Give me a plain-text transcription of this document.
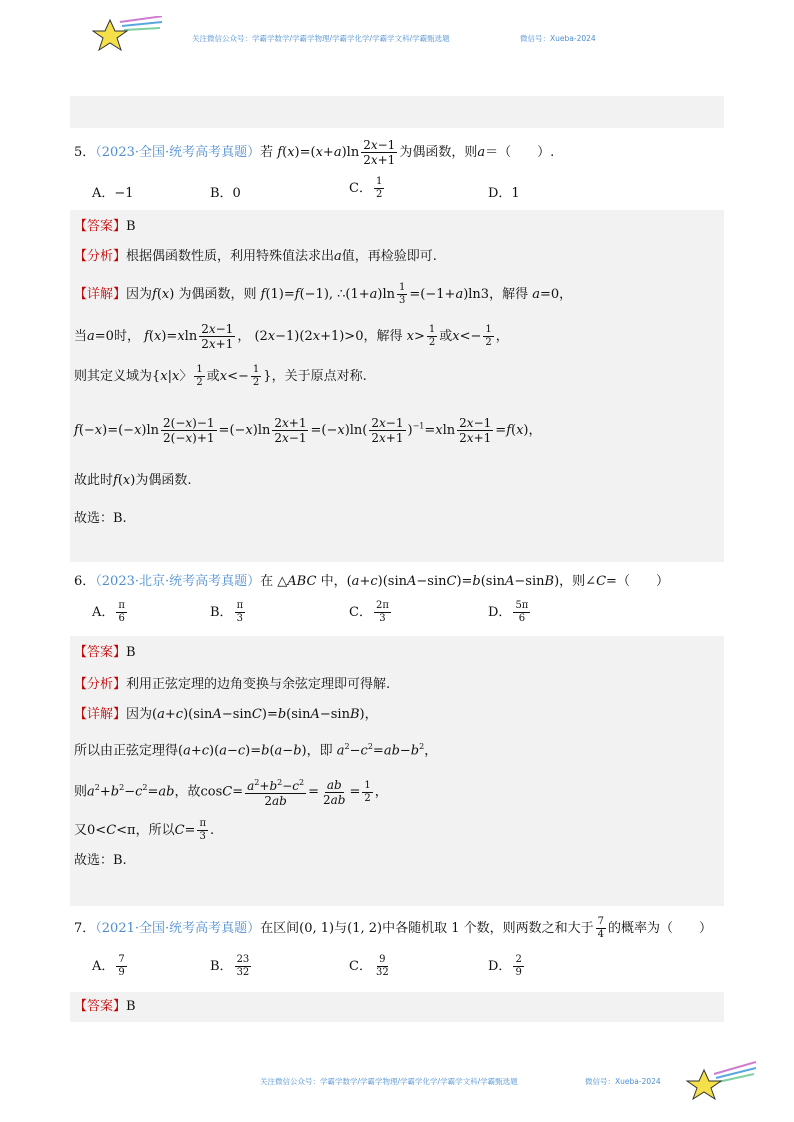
关注微信公众号：学霸学数学/学霸学物理/学霸学化学/学霸学文科/学霸甄选题	微信号：Xueba-2024
5．（2023·全国·统考高考真题）若 $f(x)=(x+a)\ln \frac{2x-1}{2x+1}$ 为偶函数，则a＝（　　）.
A．−1	B．0	C． $\frac{1}{2}$	D．1
【答案】B
【分析】根据偶函数性质，利用特殊值法求出a值，再检验即可.
【详解】因为f(x) 为偶函数，则 f(1)=f(−1), ∴(1+a)ln $\frac{1}{3} =(-1+a)\ln 3$，解得 a=0，
当a=0时， $f(x)=xln \frac{2x-1}{2x+1}$ ， (2x−1)(2x+1)>0，解得 $x> \frac{1}{2}$ 或$x<- \frac{1}{2}$ ，
则其定义域为{x|x〉 $\frac{1}{2}$ 或$x<- \frac{1}{2}$ }，关于原点对称.
$f(-x)=(-x)\ln \frac{2(-x)-1}{2(-x)+1} =(-x)\ln \frac{2x+1}{2x-1} =(-x)\ln( \frac{2x-1}{2x+1} )^{-1}=xln \frac{2x-1}{2x+1} =f(x)$，
故此时f(x)为偶函数.
故选：B.
6．（2023·北京·统考高考真题）在 △ABC 中，(a+c)(sinA−sinC)=b(sinA−sinB)，则∠C=（　　）
A． $\frac{\pi}{6}$	B． $\frac{\pi}{3}$	C． $\frac{2\pi}{3}$	D． $\frac{5\pi}{6}$
【答案】B
【分析】利用正弦定理的边角变换与余弦定理即可得解.
【详解】因为(a+c)(sinA−sinC)=b(sinA−sinB)，
所以由正弦定理得(a+c)(a−c)=b(a−b)，即 $a^2-c^2=ab-b^2$，
则$a^2+b^2-c^2=ab$，故$\cos C= \frac{a^2+b^2-c^2}{2ab} = \frac{ab}{2ab} = \frac{1}{2}$ ，
又0<C<π，所以$C= \frac{\pi}{3}$ .
故选：B.
7．（2021·全国·统考高考真题）在区间(0, 1)与(1, 2)中各随机取 1 个数，则两数之和大于 $\frac{7}{4}$ 的概率为（　　）
A． $\frac{7}{9}$	B． $\frac{23}{32}$	C． $\frac{9}{32}$	D． $\frac{2}{9}$
【答案】B
关注微信公众号：学霸学数学/学霸学物理/学霸学化学/学霸学文科/学霸甄选题	微信号：Xueba-2024
